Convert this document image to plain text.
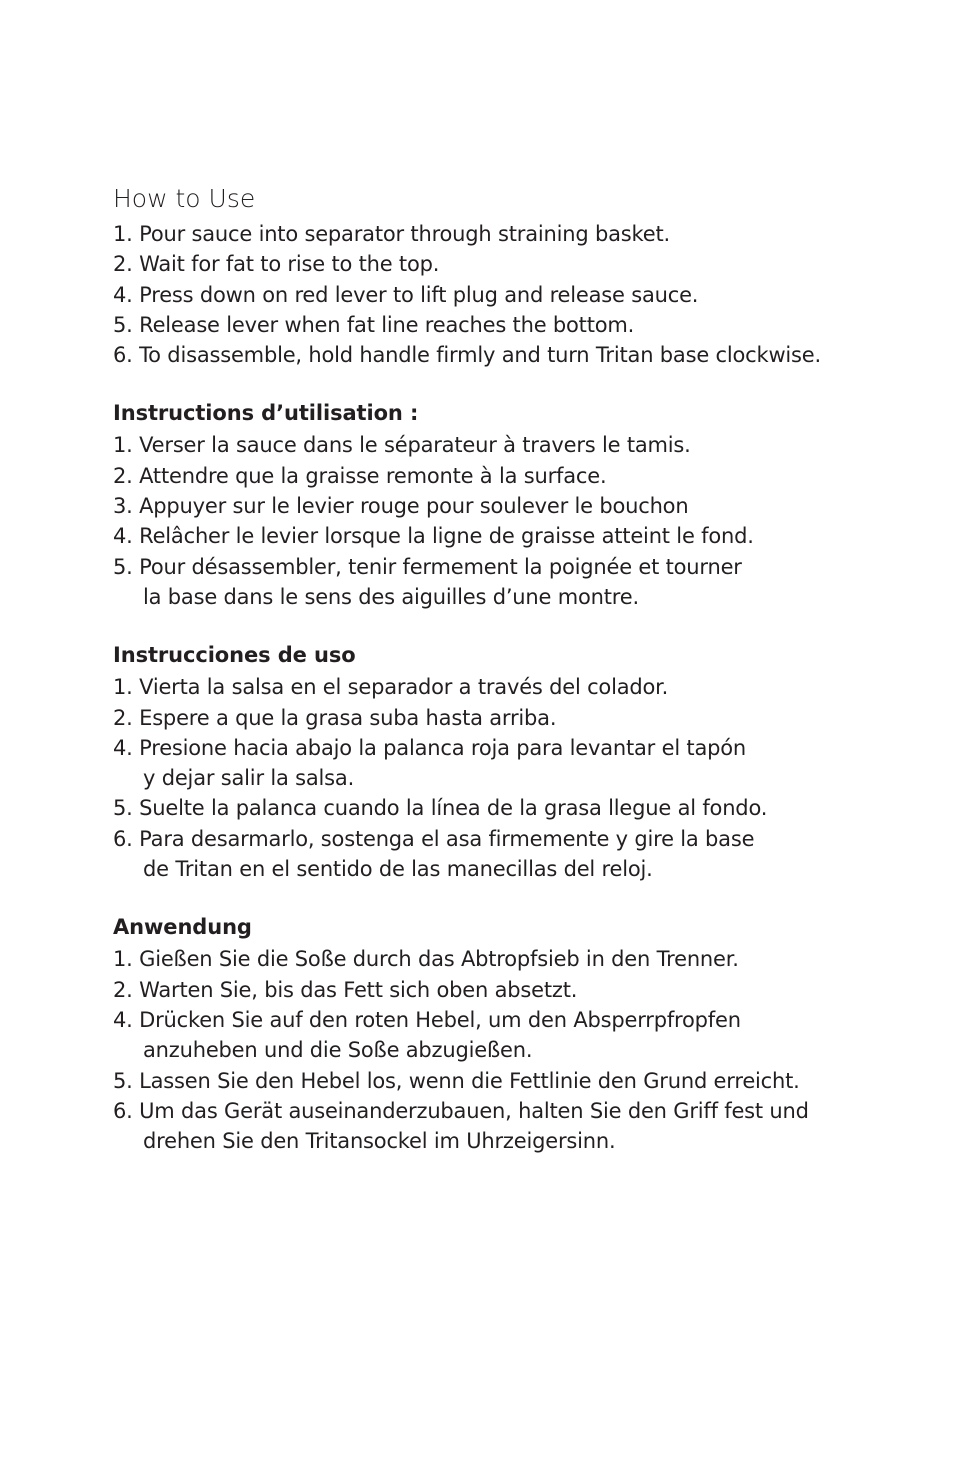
How to Use
1. Pour sauce into separator through straining basket.
2. Wait for fat to rise to the top.
4. Press down on red lever to lift plug and release sauce.
5. Release lever when fat line reaches the bottom.
6. To disassemble, hold handle firmly and turn Tritan base clockwise.
Instructions d’utilisation :
1. Verser la sauce dans le séparateur à travers le tamis.
2. Attendre que la graisse remonte à la surface.
3. Appuyer sur le levier rouge pour soulever le bouchon
4. Relâcher le levier lorsque la ligne de graisse atteint le fond.
5. Pour désassembler, tenir fermement la poignée et tourner
la base dans le sens des aiguilles d’une montre.
Instrucciones de uso
1. Vierta la salsa en el separador a través del colador.
2. Espere a que la grasa suba hasta arriba.
4. Presione hacia abajo la palanca roja para levantar el tapón
y dejar salir la salsa.
5. Suelte la palanca cuando la línea de la grasa llegue al fondo.
6. Para desarmarlo, sostenga el asa firmemente y gire la base
de Tritan en el sentido de las manecillas del reloj.
Anwendung
1. Gießen Sie die Soße durch das Abtropfsieb in den Trenner.
2. Warten Sie, bis das Fett sich oben absetzt.
4. Drücken Sie auf den roten Hebel, um den Absperrpfropfen
anzuheben und die Soße abzugießen.
5. Lassen Sie den Hebel los, wenn die Fettlinie den Grund erreicht.
6. Um das Gerät auseinanderzubauen, halten Sie den Griff fest und
drehen Sie den Tritansockel im Uhrzeigersinn.
